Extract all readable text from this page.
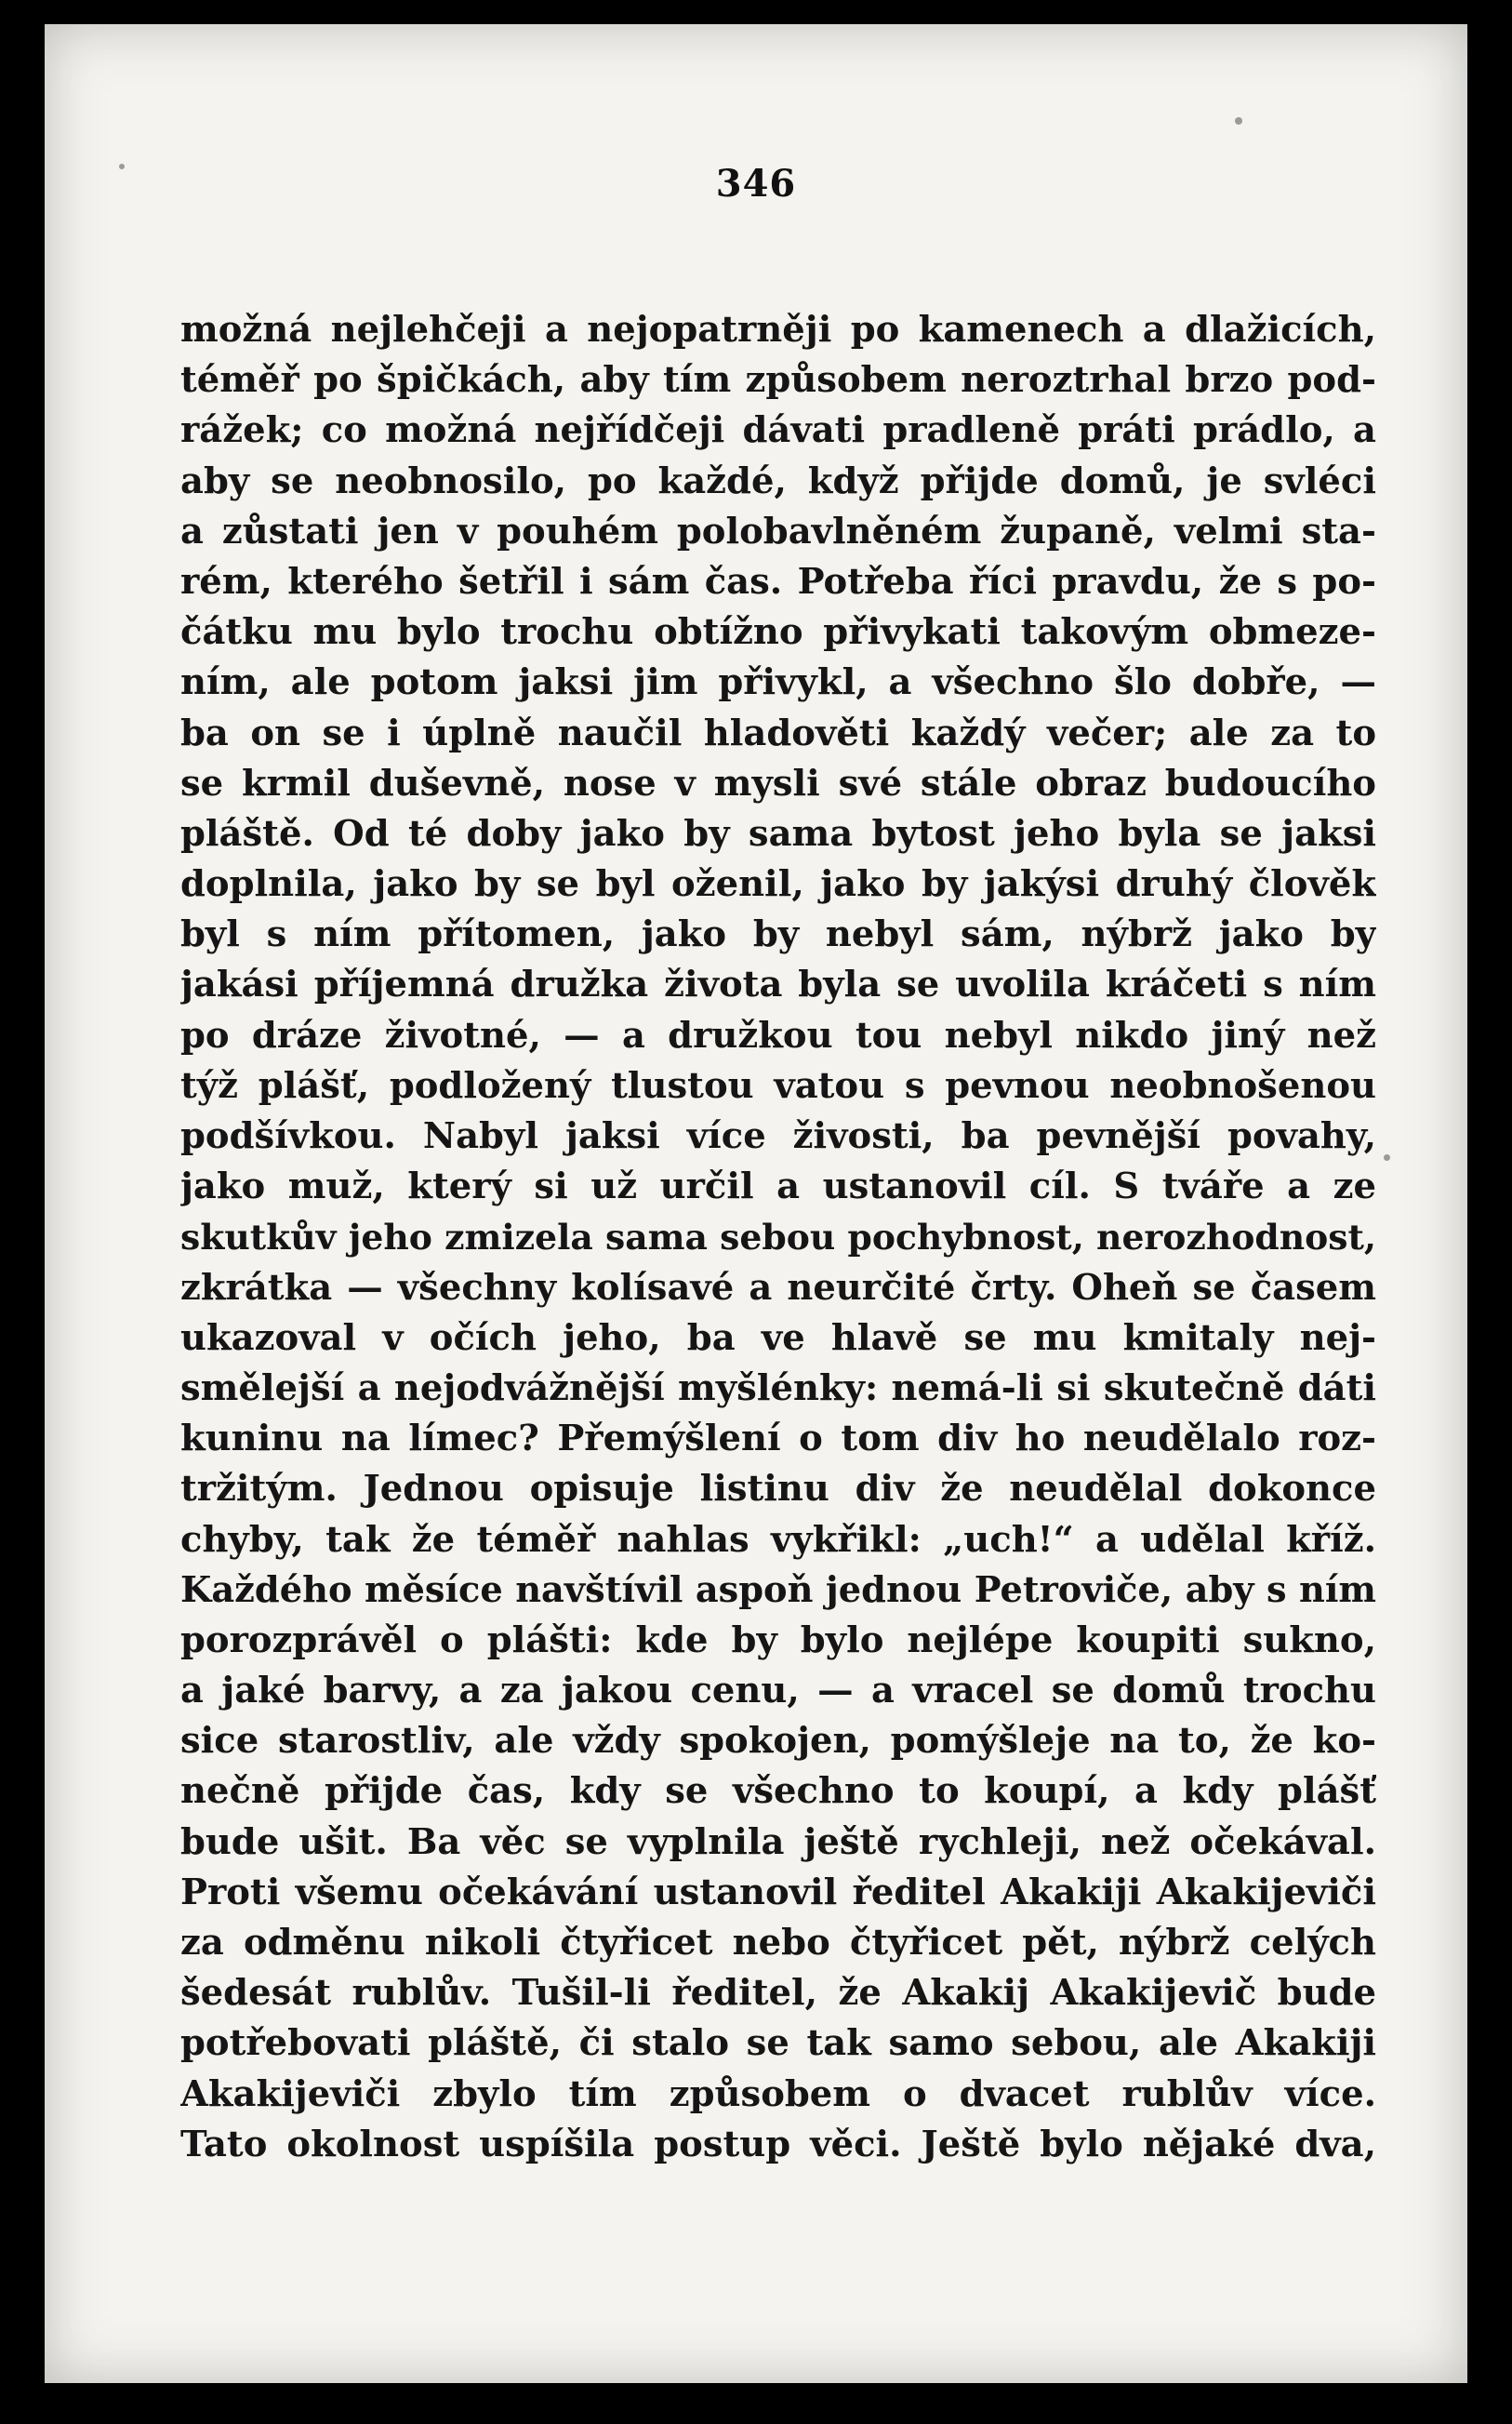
346
možná nejlehčeji a nejopatrněji po kamenech a dlažicích,
téměř po špičkách, aby tím způsobem neroztrhal brzo pod-
rážek; co možná nejřídčeji dávati pradleně práti prádlo, a
aby se neobnosilo, po každé, když přijde domů, je svléci
a zůstati jen v pouhém polobavlněném županě, velmi sta-
rém, kterého šetřil i sám čas. Potřeba říci pravdu, že s po-
čátku mu bylo trochu obtížno přivykati takovým obmeze-
ním, ale potom jaksi jim přivykl, a všechno šlo dobře, —
ba on se i úplně naučil hladověti každý večer; ale za to
se krmil duševně, nose v mysli své stále obraz budoucího
pláště. Od té doby jako by sama bytost jeho byla se jaksi
doplnila, jako by se byl oženil, jako by jakýsi druhý člověk
byl s ním přítomen, jako by nebyl sám, nýbrž jako by
jakási příjemná družka života byla se uvolila kráčeti s ním
po dráze životné, — a družkou tou nebyl nikdo jiný než
týž plášť, podložený tlustou vatou s pevnou neobnošenou
podšívkou. Nabyl jaksi více živosti, ba pevnější povahy,
jako muž, který si už určil a ustanovil cíl. S tváře a ze
skutkův jeho zmizela sama sebou pochybnost, nerozhodnost,
zkrátka — všechny kolísavé a neurčité črty. Oheň se časem
ukazoval v očích jeho, ba ve hlavě se mu kmitaly nej-
smělejší a nejodvážnější myšlénky: nemá-li si skutečně dáti
kuninu na límec? Přemýšlení o tom div ho neudělalo roz-
tržitým. Jednou opisuje listinu div že neudělal dokonce
chyby, tak že téměř nahlas vykřikl: „uch!“ a udělal kříž.
Každého měsíce navštívil aspoň jednou Petroviče, aby s ním
porozprávěl o plášti: kde by bylo nejlépe koupiti sukno,
a jaké barvy, a za jakou cenu, — a vracel se domů trochu
sice starostliv, ale vždy spokojen, pomýšleje na to, že ko-
nečně přijde čas, kdy se všechno to koupí, a kdy plášť
bude ušit. Ba věc se vyplnila ještě rychleji, než očekával.
Proti všemu očekávání ustanovil ředitel Akakiji Akakijeviči
za odměnu nikoli čtyřicet nebo čtyřicet pět, nýbrž celých
šedesát rublův. Tušil-li ředitel, že Akakij Akakijevič bude
potřebovati pláště, či stalo se tak samo sebou, ale Akakiji
Akakijeviči zbylo tím způsobem o dvacet rublův více.
Tato okolnost uspíšila postup věci. Ještě bylo nějaké dva,
